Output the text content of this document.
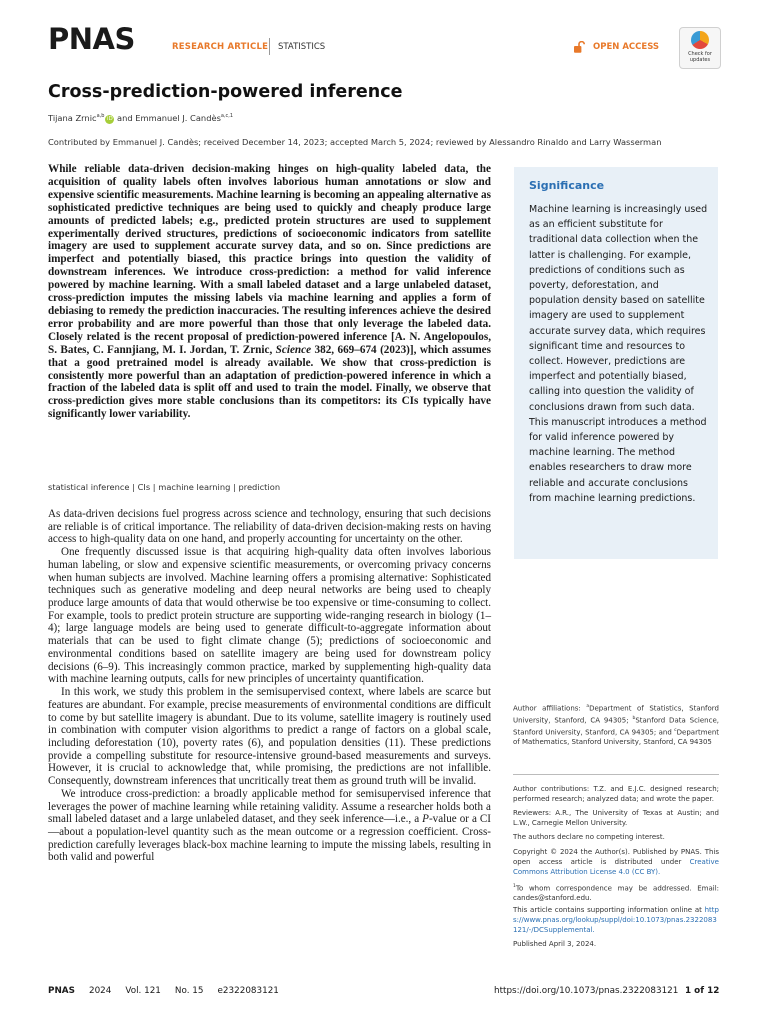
PNAS	RESEARCH ARTICLE STATISTICS	OPEN ACCESS
Check for
updates
Cross-prediction-powered inference
Tijana Zrnic$^{a,b}$ iD and Emmanuel J. Candès$^{a,c,1}$
Contributed by Emmanuel J. Candès; received December 14, 2023; accepted March 5, 2024; reviewed by Alessandro Rinaldo and Larry Wasserman
While reliable data-driven decision-making hinges on high-quality labeled data, the acquisition of quality labels often involves laborious human annotations or slow and expensive scientific measurements. Machine learning is becoming an appealing alternative as sophisticated predictive techniques are being used to quickly and cheaply produce large amounts of predicted labels; e.g., predicted protein structures are used to supplement experimentally derived structures, predictions of socioeconomic indicators from satellite imagery are used to supplement accurate survey data, and so on. Since predictions are imperfect and potentially biased, this practice brings into question the validity of downstream inferences. We introduce cross-prediction: a method for valid inference powered by machine learning. With a small labeled dataset and a large unlabeled dataset, cross-prediction imputes the missing labels via machine learning and applies a form of debiasing to remedy the prediction inaccuracies. The resulting inferences achieve the desired error probability and are more powerful than those that only leverage the labeled data. Closely related is the recent proposal of prediction-powered inference [A. N. Angelopoulos, S. Bates, C. Fannjiang, M. I. Jordan, T. Zrnic, Science 382, 669–674 (2023)], which assumes that a good pretrained model is already available. We show that cross-prediction is consistently more powerful than an adaptation of prediction-powered inference in which a fraction of the labeled data is split off and used to train the model. Finally, we observe that cross-prediction gives more stable conclusions than its competitors: its CIs typically have significantly lower variability.
statistical inference | CIs | machine learning | prediction

As data-driven decisions fuel progress across science and technology, ensuring that such decisions are reliable is of critical importance. The reliability of data-driven decision-making rests on having access to high-quality data on one hand, and properly accounting for uncertainty on the other.

One frequently discussed issue is that acquiring high-quality data often involves laborious human labeling, or slow and expensive scientific measurements, or overcoming privacy concerns when human subjects are involved. Machine learning offers a promising alternative: Sophisticated techniques such as generative modeling and deep neural networks are being used to cheaply produce large amounts of data that would otherwise be too expensive or time-consuming to collect. For example, tools to predict protein structure are supporting wide-ranging research in biology (1–4); large language models are being used to generate difficult-to-aggregate information about materials that can be used to fight climate change (5); predictions of socioeconomic and environmental conditions based on satellite imagery are being used for downstream policy decisions (6–9). This increasingly common practice, marked by supplementing high-quality data with machine learning outputs, calls for new principles of uncertainty quantification.

In this work, we study this problem in the semisupervised context, where labels are scarce but features are abundant. For example, precise measurements of environmental conditions are difficult to come by but satellite imagery is abundant. Due to its volume, satellite imagery is routinely used in combination with computer vision algorithms to predict a range of factors on a global scale, including deforestation (10), poverty rates (6), and population densities (11). These predictions provide a compelling substitute for resource-intensive ground-based measurements and surveys. However, it is crucial to acknowledge that, while promising, the predictions are not infallible. Consequently, downstream inferences that uncritically treat them as ground truth will be invalid.

We introduce cross-prediction: a broadly applicable method for semisupervised inference that leverages the power of machine learning while retaining validity. Assume a researcher holds both a small labeled dataset and a large unlabeled dataset, and they seek inference—i.e., a P-value or a CI—about a population-level quantity such as the mean outcome or a regression coefficient. Cross-prediction carefully leverages black-box machine learning to impute the missing labels, resulting in both valid and powerful

Significance
Machine learning is increasingly used as an efficient substitute for traditional data collection when the latter is challenging. For example, predictions of conditions such as poverty, deforestation, and population density based on satellite imagery are used to supplement accurate survey data, which requires significant time and resources to collect. However, predictions are imperfect and potentially biased, calling into question the validity of conclusions drawn from such data. This manuscript introduces a method for valid inference powered by machine learning. The method enables researchers to draw more reliable and accurate conclusions from machine learning predictions.
Author affiliations: $^a$Department of Statistics, Stanford University, Stanford, CA 94305; $^b$Stanford Data Science, Stanford University, Stanford, CA 94305; and $^c$Department of Mathematics, Stanford University, Stanford, CA 94305
Author contributions: T.Z. and E.J.C. designed research; performed research; analyzed data; and wrote the paper.
Reviewers: A.R., The University of Texas at Austin; and L.W., Carnegie Mellon University.
The authors declare no competing interest.
Copyright © 2024 the Author(s). Published by PNAS. This open access article is distributed under Creative Commons Attribution License 4.0 (CC BY).
$^1$To whom correspondence may be addressed. Email: candes@stanford.edu.
This article contains supporting information online at https://www.pnas.org/lookup/suppl/doi:10.1073/pnas.2322083121/-/DCSupplemental.
Published April 3, 2024.
PNAS 2024 Vol. 121 No. 15 e2322083121	https://doi.org/10.1073/pnas.2322083121 1 of 12
